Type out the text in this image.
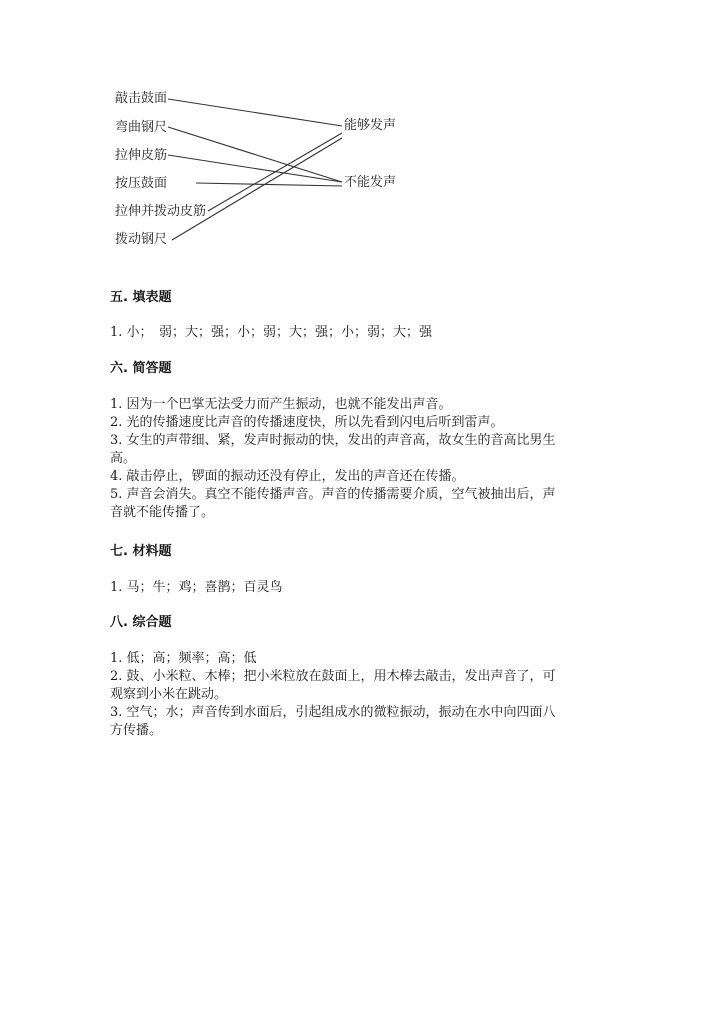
敲击鼓面
弯曲钢尺
拉伸皮筋
按压鼓面
拉伸并拨动皮筋
拨动钢尺
能够发声
不能发声
五. 填表题
1. 小；　弱；大；强；小；弱；大；强；小；弱；大；强
六. 简答题
1. 因为一个巴掌无法受力而产生振动，也就不能发出声音。
2. 光的传播速度比声音的传播速度快，所以先看到闪电后听到雷声。
3. 女生的声带细、紧，发声时振动的快，发出的声音高，故女生的音高比男生
高。
4. 敲击停止，锣面的振动还没有停止，发出的声音还在传播。
5. 声音会消失。真空不能传播声音。声音的传播需要介质，空气被抽出后，声
音就不能传播了。
七. 材料题
1. 马；牛；鸡；喜鹊；百灵鸟
八. 综合题
1. 低；高；频率；高；低
2. 鼓、小米粒、木棒；把小米粒放在鼓面上，用木棒去敲击，发出声音了，可
观察到小米在跳动。
3. 空气；水；声音传到水面后，引起组成水的微粒振动，振动在水中向四面八
方传播。
